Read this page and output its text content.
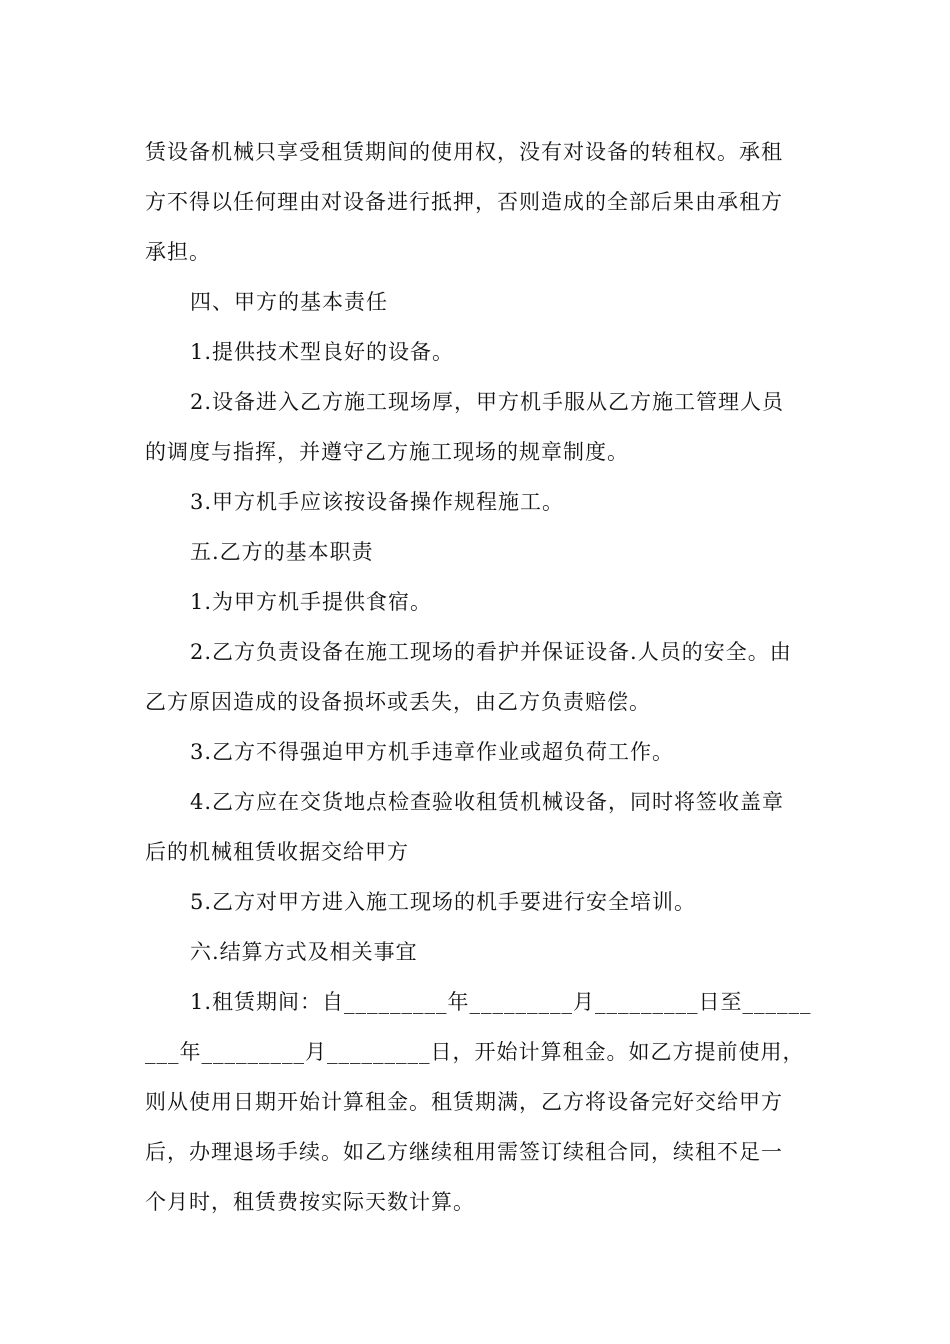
赁设备机械只享受租赁期间的使用权，没有对设备的转租权。承租
方不得以任何理由对设备进行抵押，否则造成的全部后果由承租方
承担。

四、甲方的基本责任

1.提供技术型良好的设备。

2.设备进入乙方施工现场厚，甲方机手服从乙方施工管理人员
的调度与指挥，并遵守乙方施工现场的规章制度。

3.甲方机手应该按设备操作规程施工。

五.乙方的基本职责

1.为甲方机手提供食宿。

2.乙方负责设备在施工现场的看护并保证设备.人员的安全。由
乙方原因造成的设备损坏或丢失，由乙方负责赔偿。

3.乙方不得强迫甲方机手违章作业或超负荷工作。

4.乙方应在交货地点检查验收租赁机械设备，同时将签收盖章
后的机械租赁收据交给甲方

5.乙方对甲方进入施工现场的机手要进行安全培训。

六.结算方式及相关事宜

1.租赁期间：自_________年_________月_________日至______
___年_________月_________日，开始计算租金。如乙方提前使用，
则从使用日期开始计算租金。租赁期满，乙方将设备完好交给甲方
后，办理退场手续。如乙方继续租用需签订续租合同，续租不足一
个月时，租赁费按实际天数计算。
